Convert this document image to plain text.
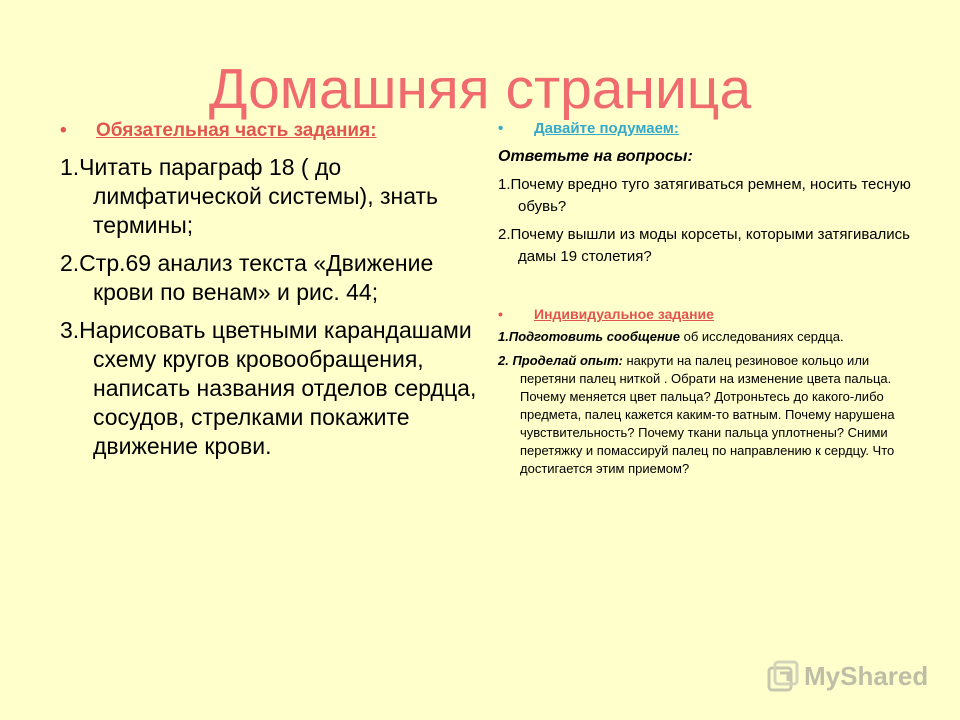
Домашняя страница
• Обязательная часть задания:

1.Читать параграф 18 ( до лимфатической системы), знать термины;

2.Стр.69 анализ текста «Движение крови по венам» и рис. 44;

3.Нарисовать цветными карандашами схему кругов кровообращения, написать названия отделов сердца, сосудов, стрелками покажите движение крови.

• Давайте подумаем:
Ответьте на вопросы:

1.Почему вредно туго затягиваться ремнем, носить тесную обувь?

2.Почему вышли из моды корсеты, которыми затягивались дамы 19 столетия?

• Индивидуальное задание

1.Подготовить сообщение об исследованиях сердца.

2. Проделай опыт: накрути на палец резиновое кольцо или перетяни палец ниткой . Обрати на изменение цвета пальца. Почему меняется цвет пальца? Дотроньтесь до какого-либо предмета, палец кажется каким-то ватным. Почему нарушена чувствительность? Почему ткани пальца уплотнены? Сними перетяжку и помассируй палец по направлению к сердцу. Что достигается этим приемом?

MyShared
